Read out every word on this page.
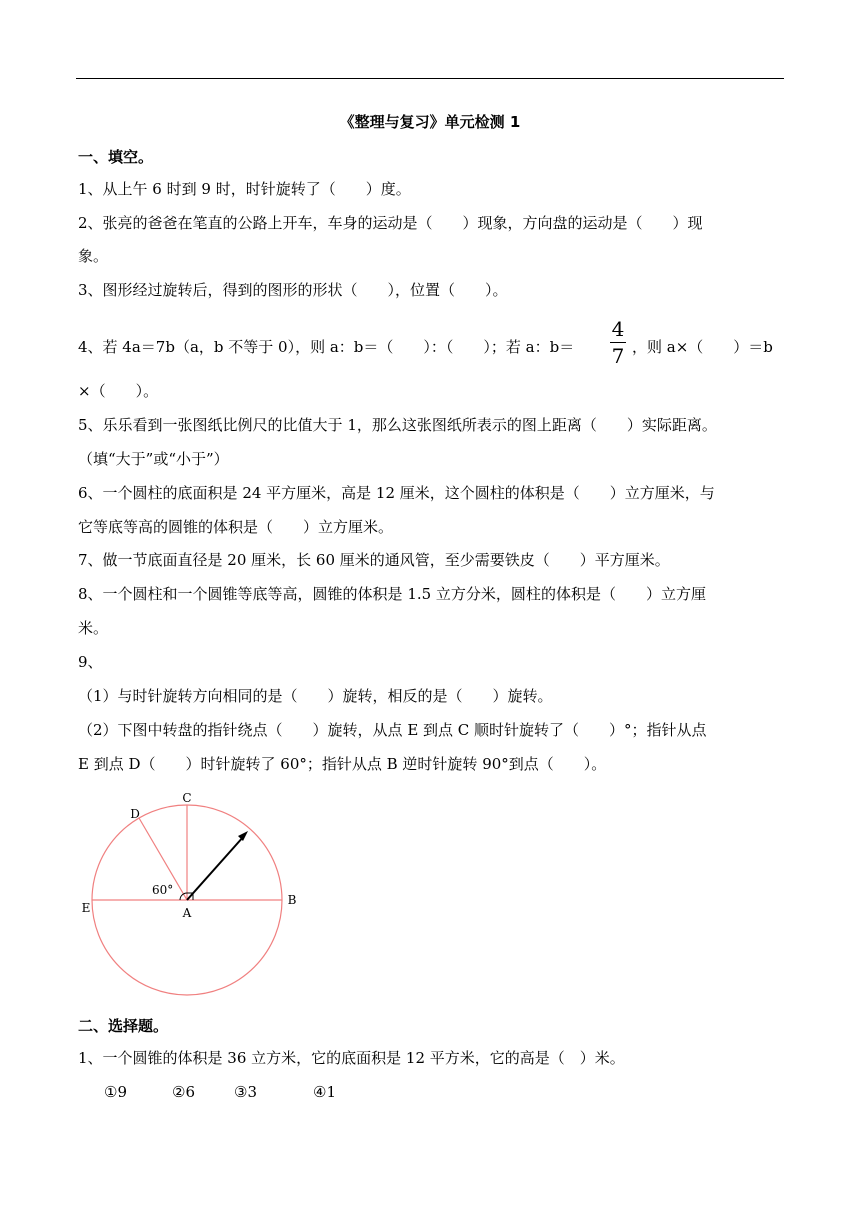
《整理与复习》单元检测 1
一、填空。
1、从上午 6 时到 9 时，时针旋转了（　　）度。
2、张亮的爸爸在笔直的公路上开车，车身的运动是（　　）现象，方向盘的运动是（　　）现
象。
3、图形经过旋转后，得到的图形的形状（　　），位置（　　）。
4、若 4a＝7b（a，b 不等于 0），则 a：b＝（　　）：（　　）；若 a：b＝
4
7 ，则 a×（　　）＝b
×（　　）。
5、乐乐看到一张图纸比例尺的比值大于 1，那么这张图纸所表示的图上距离（　　）实际距离。
（填“大于”或“小于”）
6、一个圆柱的底面积是 24 平方厘米，高是 12 厘米，这个圆柱的体积是（　　）立方厘米，与
它等底等高的圆锥的体积是（　　）立方厘米。
7、做一节底面直径是 20 厘米，长 60 厘米的通风管，至少需要铁皮（　　）平方厘米。
8、一个圆柱和一个圆锥等底等高，圆锥的体积是 1.5 立方分米，圆柱的体积是（　　）立方厘
米。
9、
（1）与时针旋转方向相同的是（　　）旋转，相反的是（　　）旋转。
（2）下图中转盘的指针绕点（　　）旋转，从点 E 到点 C 顺时针旋转了（　　）°；指针从点
E 到点 D（　　）时针旋转了 60°；指针从点 B 逆时针旋转 90°到点（　　）。
C
D
E
B
A
60°
二、选择题。
1、一个圆锥的体积是 36 立方米，它的底面积是 12 平方米，它的高是（　）米。
①9	②6	③3	④1
